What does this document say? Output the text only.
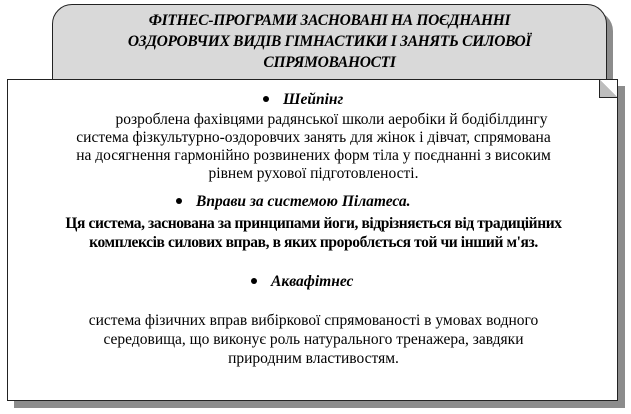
ФІТНЕС-ПРОГРАМИ ЗАСНОВАНІ НА ПОЄДНАННІ
ОЗДОРОВЧИХ ВИДІВ ГІМНАСТИКИ І ЗАНЯТЬ СИЛОВОЇ
СПРЯМОВАНОСТІ
Шейпінг
розроблена фахівцями радянської школи аеробіки й бодібілдингу
система фізкультурно-оздоровчих занять для жінок і дівчат, спрямована
на досягнення гармонійно розвинених форм тіла у поєднанні з високим
рівнем рухової підготовленості.
Вправи за системою Пілатеса.
Ця система, заснована за принципами йоги, відрізняється від традиційних
комплексів силових вправ, в яких пророблється той чи інший м'яз.
Аквафітнес
система фізичних вправ вибіркової спрямованості в умовах водного
середовища, що виконує роль натурального тренажера, завдяки
природним властивостям.
